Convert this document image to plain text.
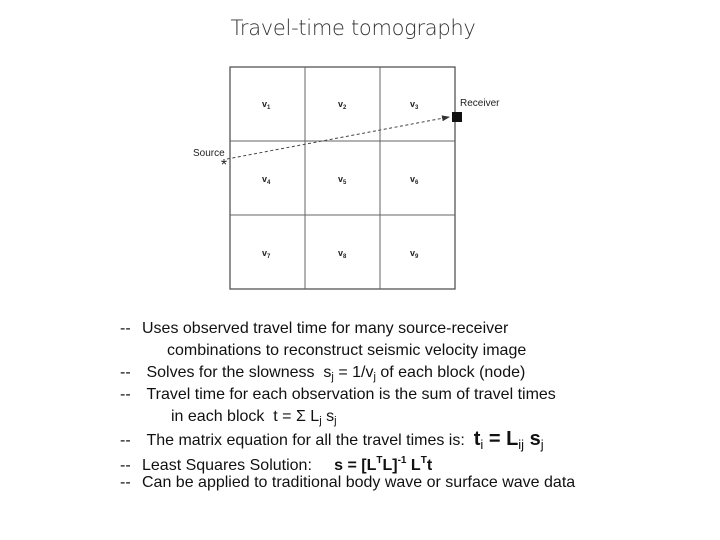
Travel-time tomography
$v_1$	$v_2$	$v_3$
$v_4$	$v_5$	$v_6$
$v_7$	$v_8$	$v_9$
*
Source
Receiver
-- Uses observed travel time for many source-receiver
combinations to reconstruct seismic velocity image
-- Solves for the slowness $s_j = 1/v_j$ of each block (node)
-- Travel time for each observation is the sum of travel times
in each block t = Σ $L_j$ $s_j$
-- The matrix equation for all the travel times is: $t_i = L_{ij}$ $s_j$
-- Least Squares Solution: $s = [L^TL]^{-1}$ $L^Tt$
-- Can be applied to traditional body wave or surface wave data
